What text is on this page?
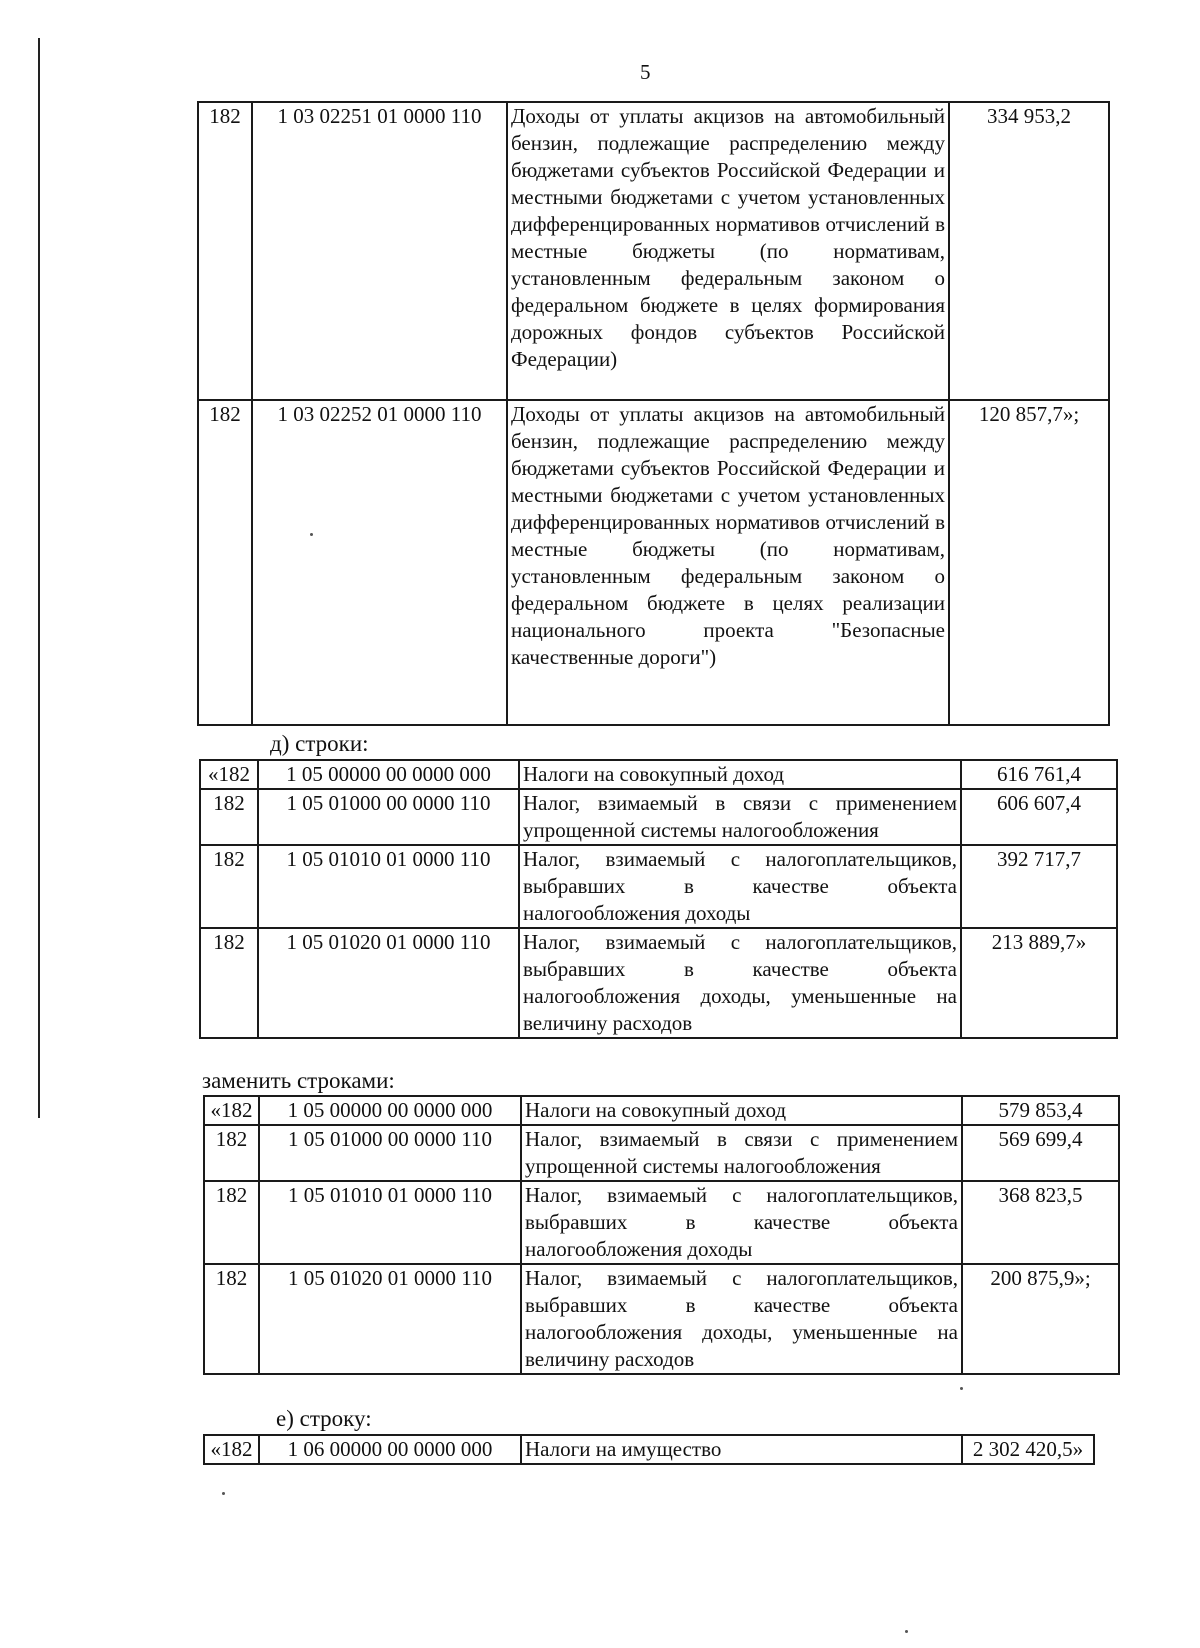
5
182	1 03 02251 01 0000 110	Доходы от уплаты акцизов на автомобильный бензин, подлежащие распределению между бюджетами субъектов Российской Федерации и местными бюджетами с учетом установленных дифференцированных нормативов отчислений в местные бюджеты (по нормативам, установленным федеральным законом о федеральном бюджете в целях формирования дорожных фондов субъектов Российской Федерации)	334 953,2
182	1 03 02252 01 0000 110	Доходы от уплаты акцизов на автомобильный бензин, подлежащие распределению между бюджетами субъектов Российской Федерации и местными бюджетами с учетом установленных дифференцированных нормативов отчислений в местные бюджеты (по нормативам, установленным федеральным законом о федеральном бюджете в целях реализации национального проекта "Безопасные качественные дороги")	120 857,7»;
д) строки:
«182	1 05 00000 00 0000 000	Налоги на совокупный доход	616 761,4
182	1 05 01000 00 0000 110	Налог, взимаемый в связи с применением упрощенной системы налогообложения	606 607,4
182	1 05 01010 01 0000 110	Налог, взимаемый с налогоплательщиков, выбравших в качестве объекта налогообложения доходы	392 717,7
182	1 05 01020 01 0000 110	Налог, взимаемый с налогоплательщиков, выбравших в качестве объекта налогообложения доходы, уменьшенные на величину расходов	213 889,7»
заменить строками:
«182	1 05 00000 00 0000 000	Налоги на совокупный доход	579 853,4
182	1 05 01000 00 0000 110	Налог, взимаемый в связи с применением упрощенной системы налогообложения	569 699,4
182	1 05 01010 01 0000 110	Налог, взимаемый с налогоплательщиков, выбравших в качестве объекта налогообложения доходы	368 823,5
182	1 05 01020 01 0000 110	Налог, взимаемый с налогоплательщиков, выбравших в качестве объекта налогообложения доходы, уменьшенные на величину расходов	200 875,9»;
е) строку:
«182	1 06 00000 00 0000 000	Налоги на имущество	2 302 420,5»
